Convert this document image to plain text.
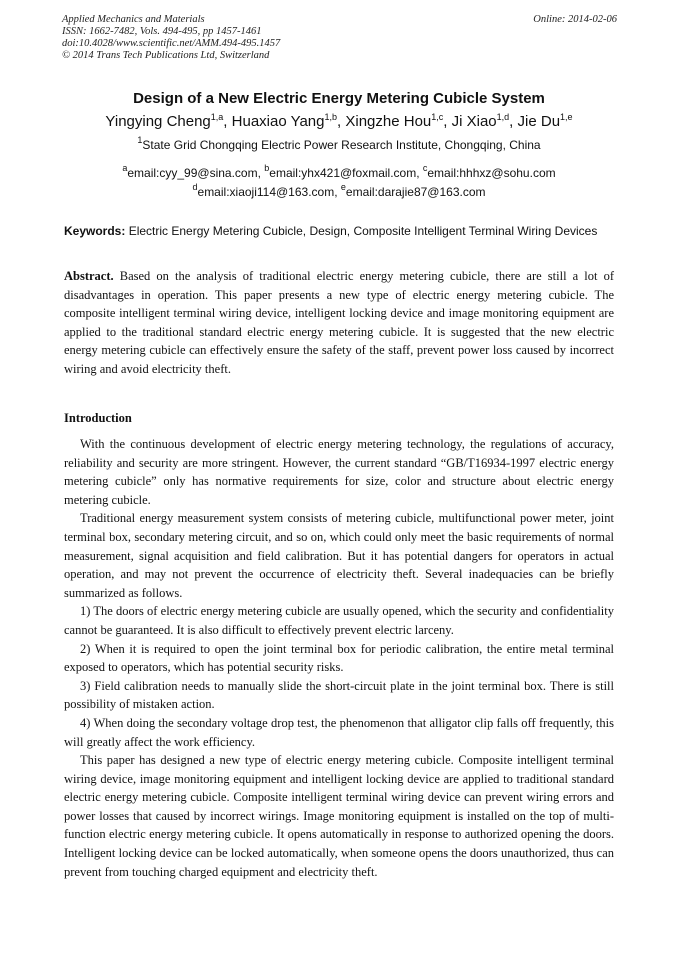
Applied Mechanics and Materials
ISSN: 1662-7482, Vols. 494-495, pp 1457-1461
doi:10.4028/www.scientific.net/AMM.494-495.1457
© 2014 Trans Tech Publications Ltd, Switzerland
Online: 2014-02-06
Design of a New Electric Energy Metering Cubicle System
Yingying Cheng$^{1,a}$, Huaxiao Yang$^{1,b}$, Xingzhe Hou$^{1,c}$, Ji Xiao$^{1,d}$, Jie Du$^{1,e}$
$^1$State Grid Chongqing Electric Power Research Institute, Chongqing, China
$^a$email:cyy_99@sina.com, $^b$email:yhx421@foxmail.com, $^c$email:hhhxz@sohu.com
$^d$email:xiaoji114@163.com, $^e$email:darajie87@163.com
Keywords: Electric Energy Metering Cubicle, Design, Composite Intelligent Terminal Wiring Devices

Abstract. Based on the analysis of traditional electric energy metering cubicle, there are still a lot of disadvantages in operation. This paper presents a new type of electric energy metering cubicle. The composite intelligent terminal wiring device, intelligent locking device and image monitoring equipment are applied to the traditional standard electric energy metering cubicle. It is suggested that the new electric energy metering cubicle can effectively ensure the safety of the staff, prevent power loss caused by incorrect wiring and avoid electricity theft.

Introduction

With the continuous development of electric energy metering technology, the regulations of accuracy, reliability and security are more stringent. However, the current standard “GB/T16934-1997 electric energy metering cubicle” only has normative requirements for size, color and structure about electric energy metering cubicle.

Traditional energy measurement system consists of metering cubicle, multifunctional power meter, joint terminal box, secondary metering circuit, and so on, which could only meet the basic requirements of normal measurement, signal acquisition and field calibration. But it has potential dangers for operators in actual operation, and may not prevent the occurrence of electricity theft. Several inadequacies can be briefly summarized as follows.

1) The doors of electric energy metering cubicle are usually opened, which the security and confidentiality cannot be guaranteed. It is also difficult to effectively prevent electric larceny.

2) When it is required to open the joint terminal box for periodic calibration, the entire metal terminal exposed to operators, which has potential security risks.

3) Field calibration needs to manually slide the short-circuit plate in the joint terminal box. There is still possibility of mistaken action.

4) When doing the secondary voltage drop test, the phenomenon that alligator clip falls off frequently, this will greatly affect the work efficiency.

This paper has designed a new type of electric energy metering cubicle. Composite intelligent terminal wiring device, image monitoring equipment and intelligent locking device are applied to traditional standard electric energy metering cubicle. Composite intelligent terminal wiring device can prevent wiring errors and power losses that caused by incorrect wirings. Image monitoring equipment is installed on the top of multi-function electric energy metering cubicle. It opens automatically in response to authorized opening the doors. Intelligent locking device can be locked automatically, when someone opens the doors unauthorized, thus can prevent from touching charged equipment and electricity theft.
